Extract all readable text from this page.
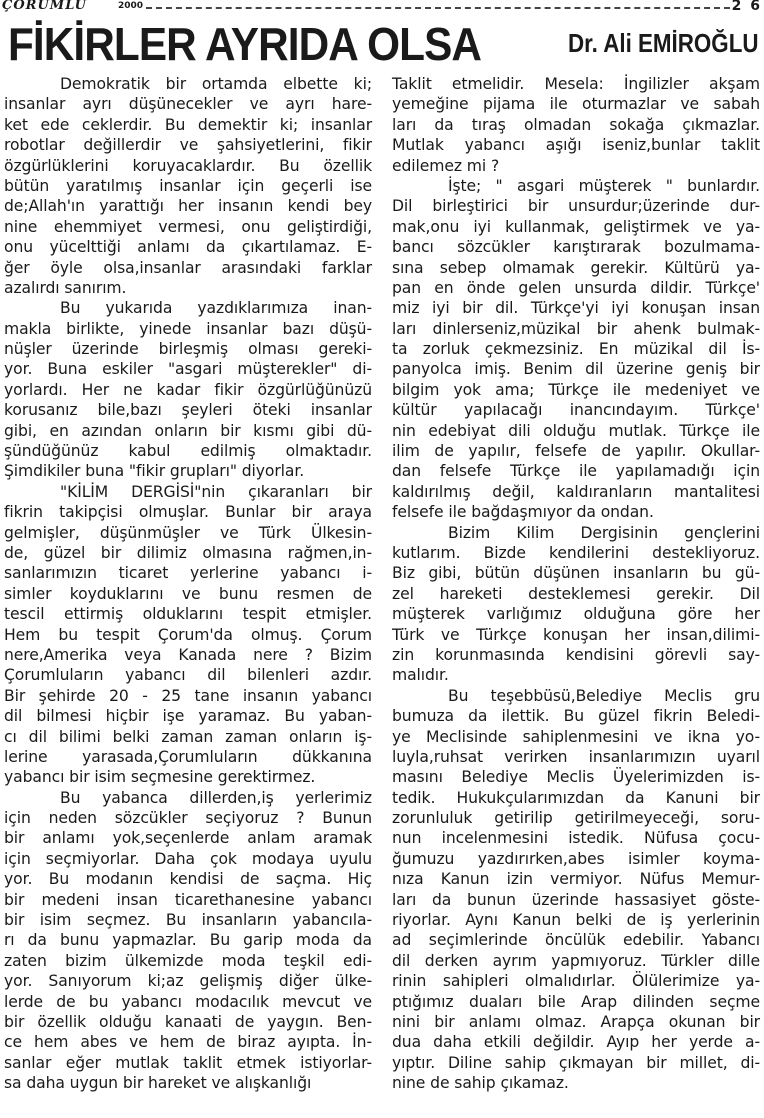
ÇORUMLU	2000	2 6
FİKİRLER AYRIDA OLSA	Dr. Ali EMİROĞLU
Demokratik bir ortamda elbette ki;
insanlar ayrı düşünecekler ve ayrı hare-
ket ede ceklerdir. Bu demektir ki; insanlar
robotlar değillerdir ve şahsiyetlerini, fikir
özgürlüklerini koruyacaklardır. Bu özellik
bütün yaratılmış insanlar için geçerli ise
de;Allah'ın yarattığı her insanın kendi bey
nine ehemmiyet vermesi, onu geliştirdiği,
onu yücelttiği anlamı da çıkartılamaz. E-
ğer öyle olsa,insanlar arasındaki farklar
azalırdı sanırım.
Bu yukarıda yazdıklarımıza inan-
makla birlikte, yinede insanlar bazı düşü-
nüşler üzerinde birleşmiş olması gereki-
yor. Buna eskiler "asgari müşterekler" di-
yorlardı. Her ne kadar fikir özgürlüğünüzü
korusanız bile,bazı şeyleri öteki insanlar
gibi, en azından onların bir kısmı gibi dü-
şündüğünüz kabul edilmiş olmaktadır.
Şimdikiler buna "fikir grupları" diyorlar.
"KİLİM DERGİSİ"nin çıkaranları bir
fikrin takipçisi olmuşlar. Bunlar bir araya
gelmişler, düşünmüşler ve Türk Ülkesin-
de, güzel bir dilimiz olmasına rağmen,in-
sanlarımızın ticaret yerlerine yabancı i-
simler koyduklarını ve bunu resmen de
tescil ettirmiş olduklarını tespit etmişler.
Hem bu tespit Çorum'da olmuş. Çorum
nere,Amerika veya Kanada nere ? Bizim
Çorumluların yabancı dil bilenleri azdır.
Bir şehirde 20 - 25 tane insanın yabancı
dil bilmesi hiçbir işe yaramaz. Bu yaban-
cı dil bilimi belki zaman zaman onların iş-
lerine yarasada,Çorumluların dükkanına
yabancı bir isim seçmesine gerektirmez.
Bu yabanca dillerden,iş yerlerimiz
için neden sözcükler seçiyoruz ? Bunun
bir anlamı yok,seçenlerde anlam aramak
için seçmiyorlar. Daha çok modaya uyulu
yor. Bu modanın kendisi de saçma. Hiç
bir medeni insan ticarethanesine yabancı
bir isim seçmez. Bu insanların yabancıla-
rı da bunu yapmazlar. Bu garip moda da
zaten bizim ülkemizde moda teşkil edi-
yor. Sanıyorum ki;az gelişmiş diğer ülke-
lerde de bu yabancı modacılık mevcut ve
bir özellik olduğu kanaati de yaygın. Ben-
ce hem abes ve hem de biraz ayıpta. İn-
sanlar eğer mutlak taklit etmek istiyorlar-
sa daha uygun bir hareket ve alışkanlığı
Taklit etmelidir. Mesela: İngilizler akşam
yemeğine pijama ile oturmazlar ve sabah
ları da tıraş olmadan sokağa çıkmazlar.
Mutlak yabancı aşığı iseniz,bunlar taklit
edilemez mi ?
İşte; " asgari müşterek " bunlardır.
Dil birleştirici bir unsurdur;üzerinde dur-
mak,onu iyi kullanmak, geliştirmek ve ya-
bancı sözcükler karıştırarak bozulmama-
sına sebep olmamak gerekir. Kültürü ya-
pan en önde gelen unsurda dildir. Türkçe'
miz iyi bir dil. Türkçe'yi iyi konuşan insan
ları dinlerseniz,müzikal bir ahenk bulmak-
ta zorluk çekmezsiniz. En müzikal dil İs-
panyolca imiş. Benim dil üzerine geniş bir
bilgim yok ama; Türkçe ile medeniyet ve
kültür yapılacağı inancındayım. Türkçe'
nin edebiyat dili olduğu mutlak. Türkçe ile
ilim de yapılır, felsefe de yapılır. Okullar-
dan felsefe Türkçe ile yapılamadığı için
kaldırılmış değil, kaldıranların mantalitesi
felsefe ile bağdaşmıyor da ondan.
Bizim Kilim Dergisinin gençlerini
kutlarım. Bizde kendilerini destekliyoruz.
Biz gibi, bütün düşünen insanların bu gü-
zel hareketi desteklemesi gerekir. Dil
müşterek varlığımız olduğuna göre her
Türk ve Türkçe konuşan her insan,dilimi-
zin korunmasında kendisini görevli say-
malıdır.
Bu teşebbüsü,Belediye Meclis gru
bumuza da ilettik. Bu güzel fikrin Beledi-
ye Meclisinde sahiplenmesini ve ikna yo-
luyla,ruhsat verirken insanlarımızın uyarıl
masını Belediye Meclis Üyelerimizden is-
tedik. Hukukçularımızdan da Kanuni bir
zorunluluk getirilip getirilmeyeceği, soru-
nun incelenmesini istedik. Nüfusa çocu-
ğumuzu yazdırırken,abes isimler koyma-
nıza Kanun izin vermiyor. Nüfus Memur-
ları da bunun üzerinde hassasiyet göste-
riyorlar. Aynı Kanun belki de iş yerlerinin
ad seçimlerinde öncülük edebilir. Yabancı
dil derken ayrım yapmıyoruz. Türkler dille
rinin sahipleri olmalıdırlar. Ölülerimize ya-
ptığımız duaları bile Arap dilinden seçme
nini bir anlamı olmaz. Arapça okunan bir
dua daha etkili değildir. Ayıp her yerde a-
yıptır. Diline sahip çıkmayan bir millet, di-
nine de sahip çıkamaz.
